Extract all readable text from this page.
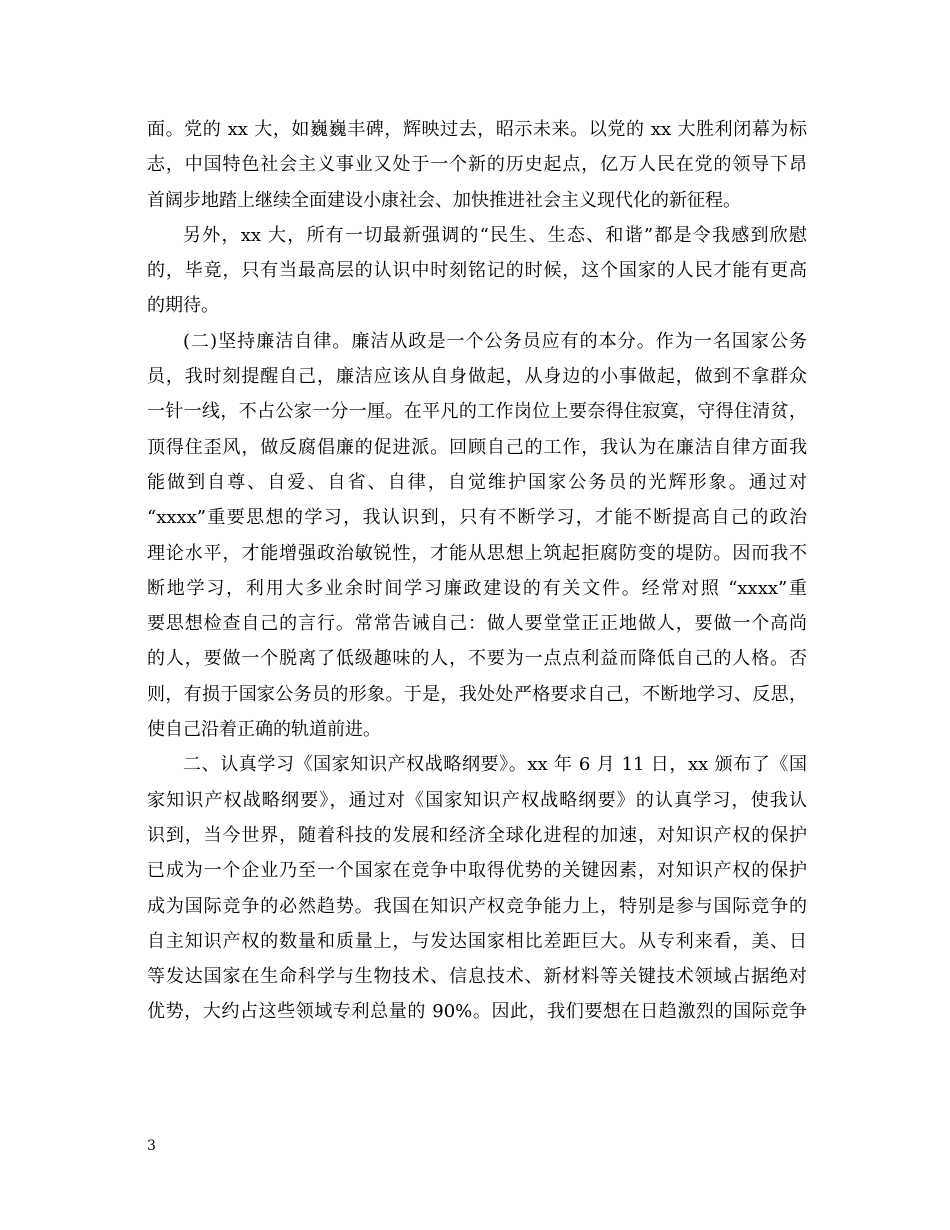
面。党的 xx 大，如巍巍丰碑，辉映过去，昭示未来。以党的 xx 大胜利闭幕为标
志，中国特色社会主义事业又处于一个新的历史起点，亿万人民在党的领导下昂
首阔步地踏上继续全面建设小康社会、加快推进社会主义现代化的新征程。
另外，xx 大，所有一切最新强调的“民生、生态、和谐”都是令我感到欣慰
的，毕竟，只有当最高层的认识中时刻铭记的时候，这个国家的人民才能有更高
的期待。
(二)坚持廉洁自律。廉洁从政是一个公务员应有的本分。作为一名国家公务
员，我时刻提醒自己，廉洁应该从自身做起，从身边的小事做起，做到不拿群众
一针一线，不占公家一分一厘。在平凡的工作岗位上要奈得住寂寞，守得住清贫，
顶得住歪风，做反腐倡廉的促进派。回顾自己的工作，我认为在廉洁自律方面我
能做到自尊、自爱、自省、自律，自觉维护国家公务员的光辉形象。通过对
“xxxx”重要思想的学习，我认识到，只有不断学习，才能不断提高自己的政治
理论水平，才能增强政治敏锐性，才能从思想上筑起拒腐防变的堤防。因而我不
断地学习，利用大多业余时间学习廉政建设的有关文件。经常对照 “xxxx”重
要思想检查自己的言行。常常告诫自己：做人要堂堂正正地做人，要做一个高尚
的人，要做一个脱离了低级趣味的人，不要为一点点利益而降低自己的人格。否
则，有损于国家公务员的形象。于是，我处处严格要求自己，不断地学习、反思，
使自己沿着正确的轨道前进。
二、认真学习《国家知识产权战略纲要》。xx 年 6 月 11 日，xx 颁布了《国
家知识产权战略纲要》，通过对《国家知识产权战略纲要》的认真学习，使我认
识到，当今世界，随着科技的发展和经济全球化进程的加速，对知识产权的保护
已成为一个企业乃至一个国家在竞争中取得优势的关键因素，对知识产权的保护
成为国际竞争的必然趋势。我国在知识产权竞争能力上，特别是参与国际竞争的
自主知识产权的数量和质量上，与发达国家相比差距巨大。从专利来看，美、日
等发达国家在生命科学与生物技术、信息技术、新材料等关键技术领域占据绝对
优势，大约占这些领域专利总量的 90%。因此，我们要想在日趋激烈的国际竞争
3
